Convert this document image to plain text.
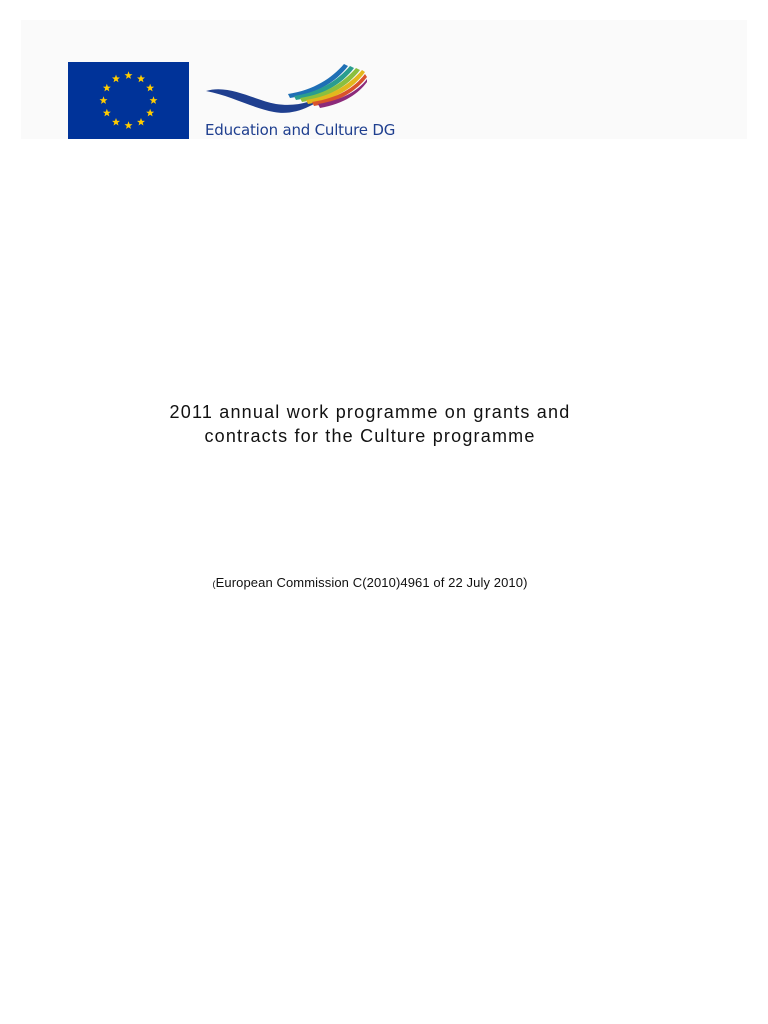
Education and Culture DG
2011 annual work programme on grants and
contracts for the Culture programme
(European Commission C(2010)4961 of 22 July 2010)
